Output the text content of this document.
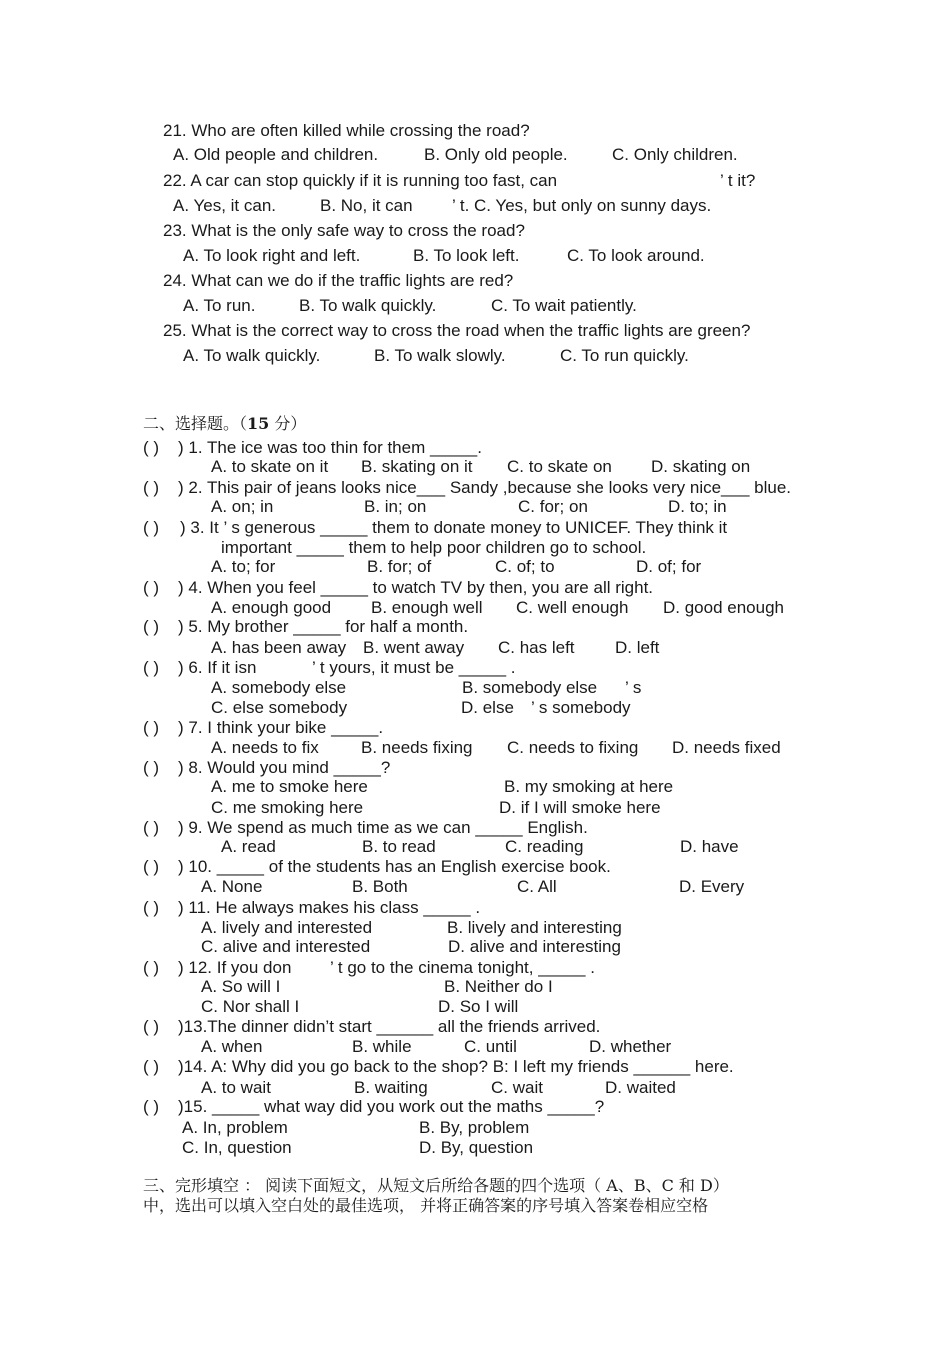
21. Who are often killed while crossing the road?
A. Old people and children.	B. Only old people.	C. Only children.
22. A car can stop quickly if it is running too fast, can	’ t it?
A. Yes, it can.	B. No, it can ’ t. C. Yes, but only on sunny days.
23. What is the only safe way to cross the road?
A. To look right and left.	B. To look left.	C. To look around.
24. What can we do if the traffic lights are red?
A. To run.	B. To walk quickly.	C. To wait patiently.
25. What is the correct way to cross the road when the traffic lights are green?
A. To walk quickly.	B. To walk slowly.	C. To run quickly.
二、选择题。（15 分）
( ) ) 1. The ice was too thin for them _____.
A. to skate on it B. skating on it C. to skate on D. skating on
( ) ) 2. This pair of jeans looks nice___ Sandy ,because she looks very nice___ blue.
A. on; in	B. in; on	C. for; on	D. to; in
( ) ) 3. It ’ s generous _____ them to donate money to UNICEF. They think it
important _____ them to help poor children go to school.
A. to; for	B. for; of	C. of; to	D. of; for
( ) ) 4. When you feel _____ to watch TV by then, you are all right.
A. enough good B. enough well C. well enough D. good enough
( ) ) 5. My brother _____ for half a month.
A. has been away B. went away C. has left D. left
( ) ) 6. If it isn	’ t yours, it must be _____ .
A. somebody else	B. somebody else ’ s
C. else somebody	D. else ’ s somebody
( ) ) 7. I think your bike _____.
A. needs to fix B. needs fixing C. needs to fixing D. needs fixed
( ) ) 8. Would you mind _____?
A. me to smoke here	B. my smoking at here
C. me smoking here	D. if I will smoke here
( ) ) 9. We spend as much time as we can _____ English.
A. read	B. to read	C. reading	D. have
( ) ) 10. _____ of the students has an English exercise book.
A. None	B. Both	C. All	D. Every
( ) ) 11. He always makes his class _____ .
A. lively and interested	B. lively and interesting
C. alive and interested	D. alive and interesting
( ) ) 12. If you don ’ t go to the cinema tonight, _____ .
A. So will I	B. Neither do I
C. Nor shall I	D. So I will
( ) )13.The dinner didn’t start ______ all the friends arrived.
A. when	B. while	C. until	D. whether
( ) )14. A: Why did you go back to the shop? B: I left my friends ______ here.
A. to wait	B. waiting	C. wait	D. waited
( ) )15. _____ what way did you work out the maths _____?
A. In, problem	B. By, problem
C. In, question	D. By, question
三、完形填空 ： 阅读下面短文，从短文后所给各题的四个选项（ A、B、C 和 D）
中，选出可以填入空白处的最佳选项， 并将正确答案的序号填入答案卷相应空格
